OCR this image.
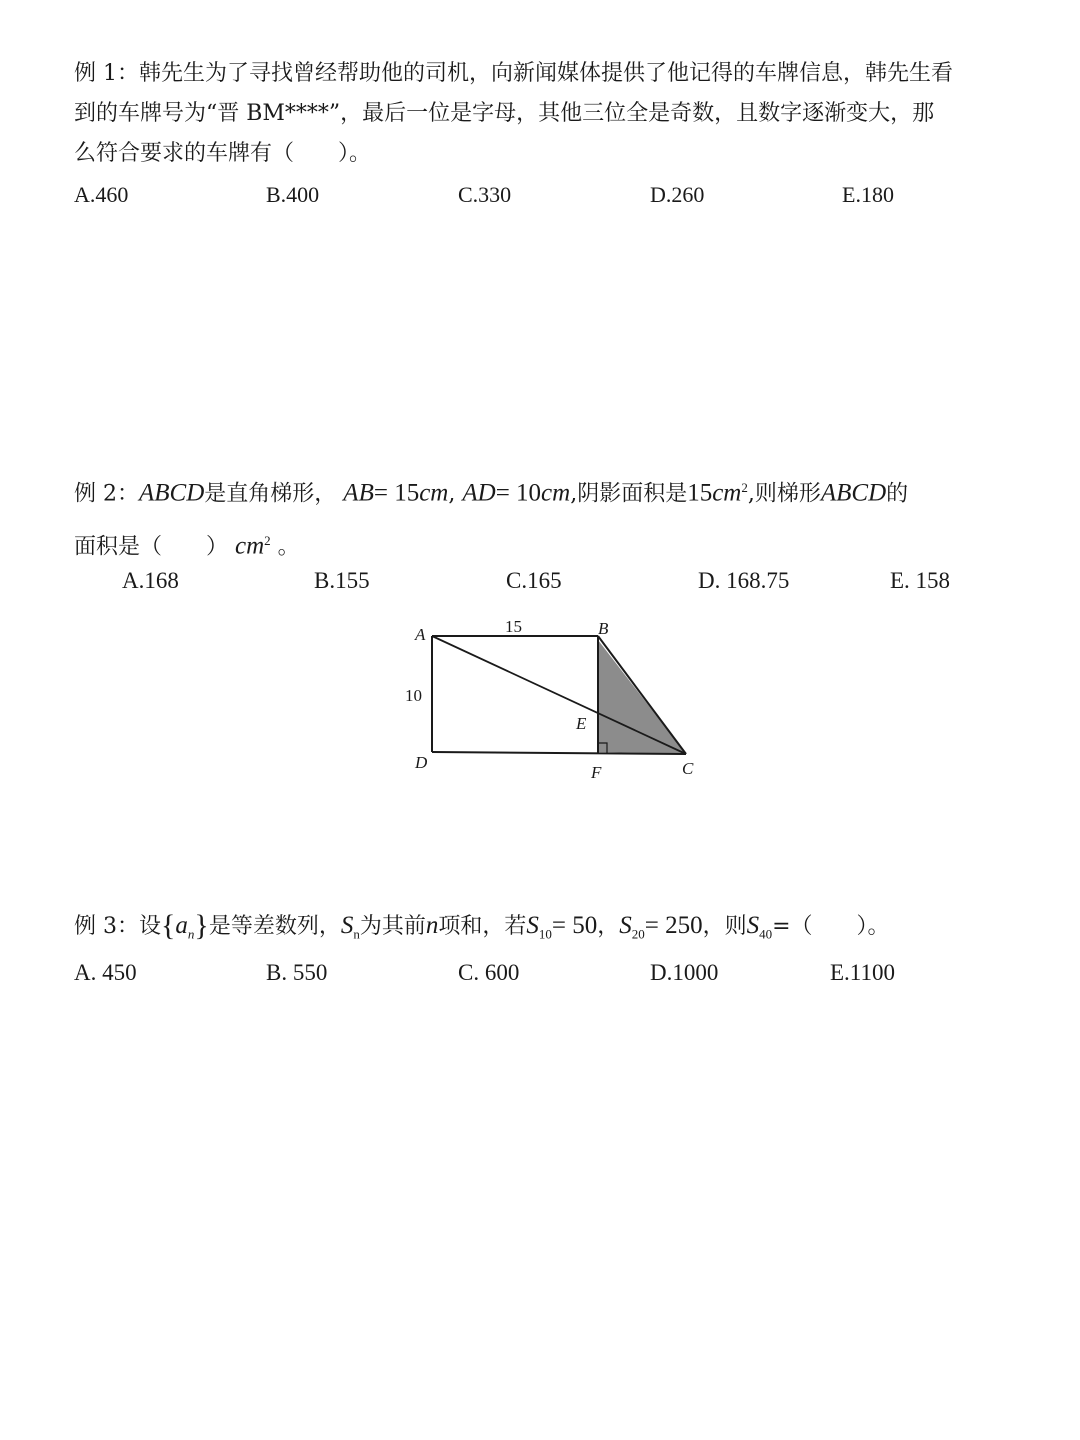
例 1：韩先生为了寻找曾经帮助他的司机，向新闻媒体提供了他记得的车牌信息，韩先生看
到的车牌号为“晋 BM****”，最后一位是字母，其他三位全是奇数，且数字逐渐变大，那
么符合要求的车牌有（　　）。
A.460	B.400	C.330	D.260	E.180
例 2：ABCD是直角梯形， AB= 15cm, AD= 10cm,阴影面积是$15cm^2$,则梯形ABCD的
面积是（　　） $cm^2$ 。
A.168	B.155	C.165	D. 168.75	E. 158
A	B
C
D
E
F
15
10
例 3：设$\{a_n\}$是等差数列，$S_n$为其前n项和，若$S_{10}= 50$，$S_{20}= 250$，则$S_{40}=$（　　）。
A. 450	B. 550	C. 600	D.1000	E.1100
